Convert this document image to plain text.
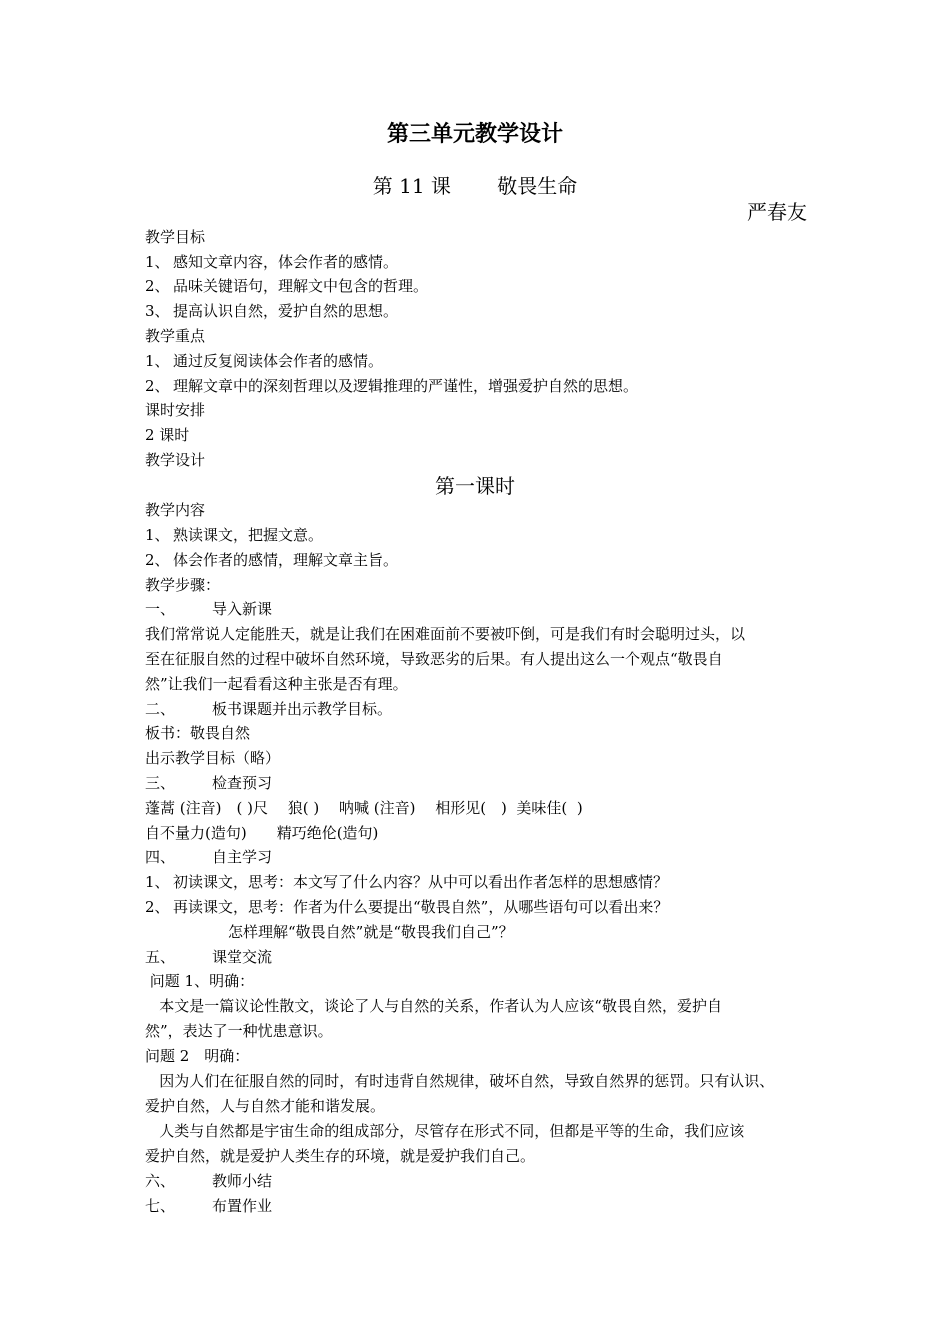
第三单元教学设计
第 11 课　　 敬畏生命
严春友
教学目标
1、 感知文章内容，体会作者的感情。
2、 品味关键语句，理解文中包含的哲理。
3、 提高认识自然，爱护自然的思想。
教学重点
1、 通过反复阅读体会作者的感情。
2、 理解文章中的深刻哲理以及逻辑推理的严谨性，增强爱护自然的思想。
课时安排
2 课时
教学设计
第一课时
教学内容
1、 熟读课文，把握文意。
2、 体会作者的感情，理解文章主旨。
教学步骤：
一、 导入新课
我们常常说人定能胜天，就是让我们在困难面前不要被吓倒，可是我们有时会聪明过头，以
至在征服自然的过程中破坏自然环境，导致恶劣的后果。有人提出这么一个观点“敬畏自
然”让我们一起看看这种主张是否有理。
二、 板书课题并出示教学目标。
板书：敬畏自然
出示教学目标（略）
三、 检查预习
蓬蒿 (注音)　( )尺　 狼( )　 呐喊 (注音)　 相形见(　)  美味佳(  )
自不量力(造句)　　精巧绝伦(造句)
四、 自主学习
1、 初读课文，思考：本文写了什么内容？从中可以看出作者怎样的思想感情？
2、 再读课文，思考：作者为什么要提出“敬畏自然”，从哪些语句可以看出来？
怎样理解“敬畏自然”就是“敬畏我们自己”？
五、 课堂交流
问题 1、明确：
本文是一篇议论性散文，谈论了人与自然的关系，作者认为人应该“敬畏自然，爱护自
然”，表达了一种忧患意识。
问题 2　明确：
因为人们在征服自然的同时，有时违背自然规律，破坏自然，导致自然界的惩罚。只有认识、
爱护自然，人与自然才能和谐发展。
人类与自然都是宇宙生命的组成部分，尽管存在形式不同，但都是平等的生命，我们应该
爱护自然，就是爱护人类生存的环境，就是爱护我们自己。
六、 教师小结
七、 布置作业
